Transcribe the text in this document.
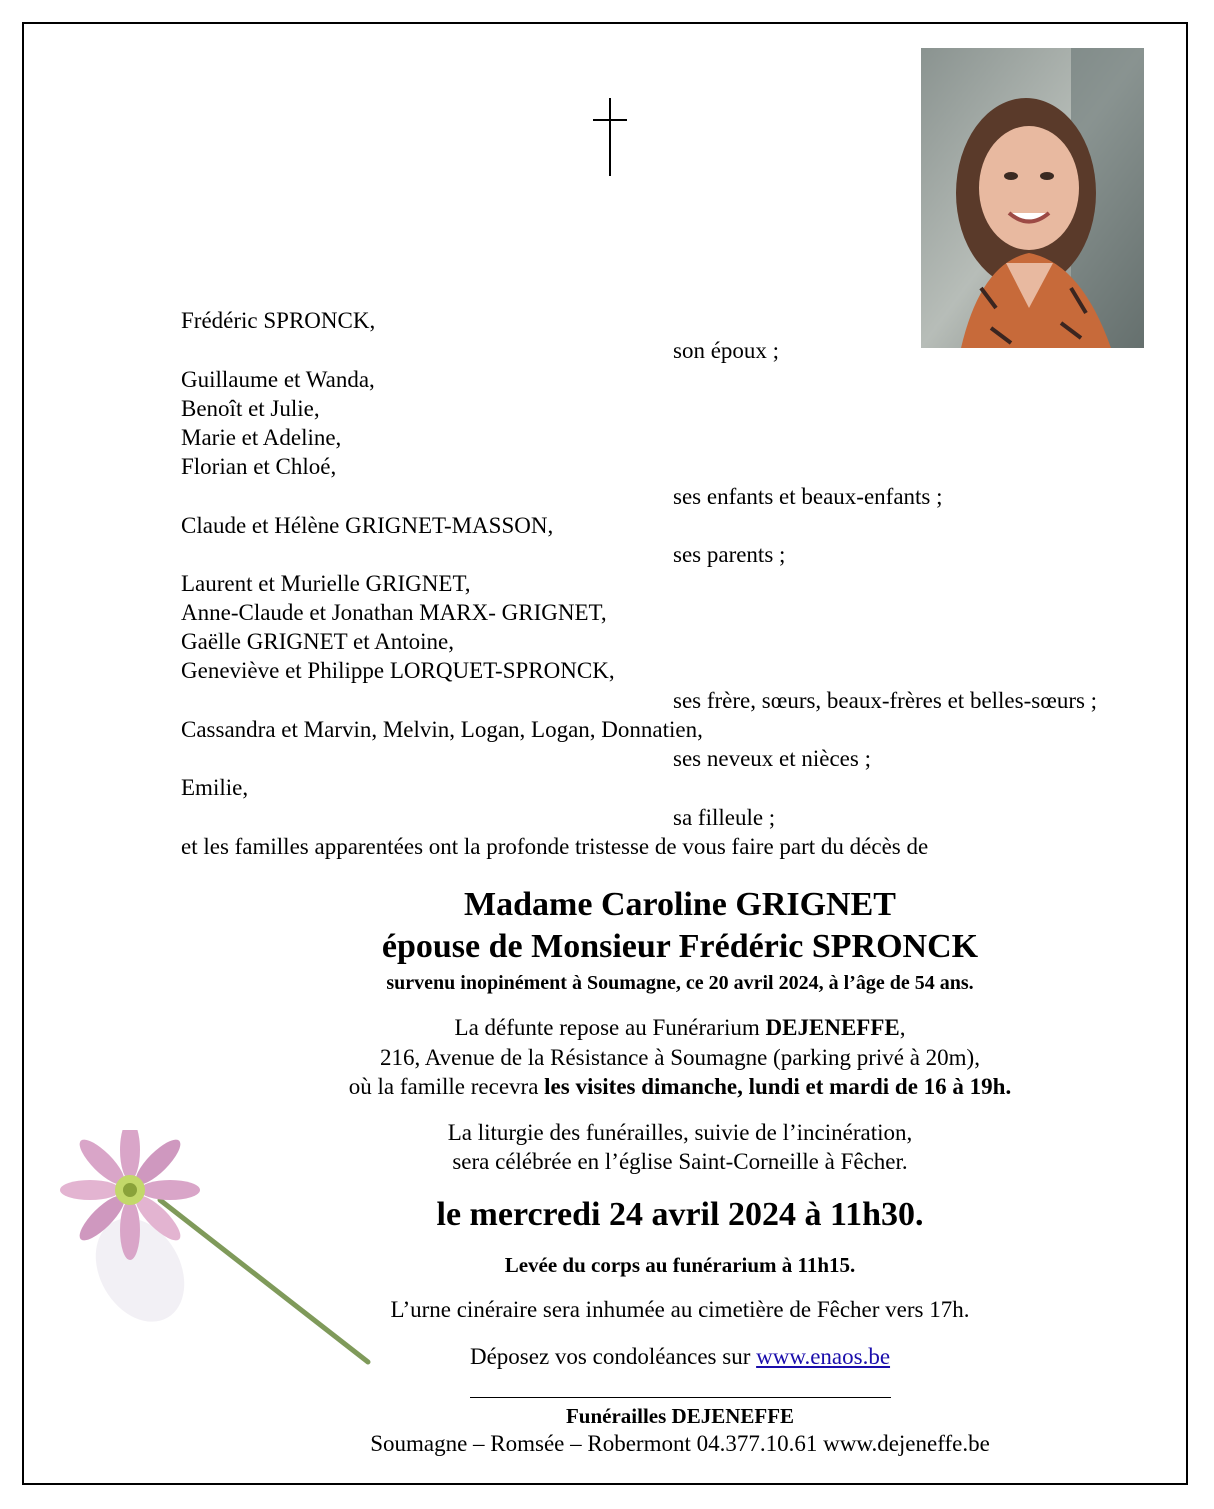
Frédéric SPRONCK,
son époux ;
Guillaume et Wanda,
Benoît et Julie,
Marie et Adeline,
Florian et Chloé,
ses enfants et beaux-enfants ;
Claude et Hélène GRIGNET-MASSON,
ses parents ;
Laurent et Murielle GRIGNET,
Anne-Claude et Jonathan MARX- GRIGNET,
Gaëlle GRIGNET et Antoine,
Geneviève et Philippe LORQUET-SPRONCK,
ses frère, sœurs, beaux-frères et belles-sœurs ;
Cassandra et Marvin, Melvin, Logan, Logan, Donnatien,
ses neveux et nièces ;
Emilie,
sa filleule ;
et les familles apparentées ont la profonde tristesse de vous faire part du décès de
Madame Caroline GRIGNET
épouse de Monsieur Frédéric SPRONCK
survenu inopinément à Soumagne, ce 20 avril 2024, à l’âge de 54 ans.
La défunte repose au Funérarium DEJENEFFE,
216, Avenue de la Résistance à Soumagne (parking privé à 20m),
où la famille recevra les visites dimanche, lundi et mardi de 16 à 19h.
La liturgie des funérailles, suivie de l’incinération,
sera célébrée en l’église Saint-Corneille à Fêcher.
le mercredi 24 avril 2024 à 11h30.
Levée du corps au funérarium à 11h15.
L’urne cinéraire sera inhumée au cimetière de Fêcher vers 17h.
Déposez vos condoléances sur www.enaos.be
Funérailles DEJENEFFE
Soumagne – Romsée – Robermont 04.377.10.61 www.dejeneffe.be
